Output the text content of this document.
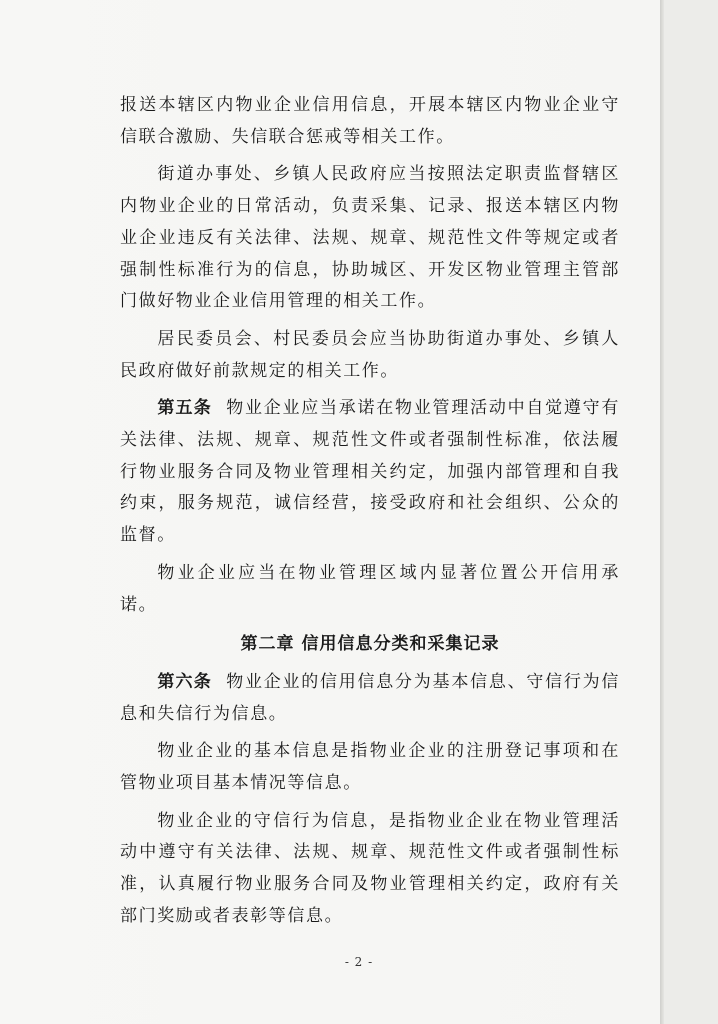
报送本辖区内物业企业信用信息，开展本辖区内物业企业守信联合激励、失信联合惩戒等相关工作。

街道办事处、乡镇人民政府应当按照法定职责监督辖区内物业企业的日常活动，负责采集、记录、报送本辖区内物业企业违反有关法律、法规、规章、规范性文件等规定或者强制性标准行为的信息，协助城区、开发区物业管理主管部门做好物业企业信用管理的相关工作。

居民委员会、村民委员会应当协助街道办事处、乡镇人民政府做好前款规定的相关工作。

第五条 物业企业应当承诺在物业管理活动中自觉遵守有关法律、法规、规章、规范性文件或者强制性标准，依法履行物业服务合同及物业管理相关约定，加强内部管理和自我约束，服务规范，诚信经营，接受政府和社会组织、公众的监督。

物业企业应当在物业管理区域内显著位置公开信用承诺。

第二章 信用信息分类和采集记录

第六条 物业企业的信用信息分为基本信息、守信行为信息和失信行为信息。

物业企业的基本信息是指物业企业的注册登记事项和在管物业项目基本情况等信息。

物业企业的守信行为信息，是指物业企业在物业管理活动中遵守有关法律、法规、规章、规范性文件或者强制性标准，认真履行物业服务合同及物业管理相关约定，政府有关部门奖励或者表彰等信息。

- 2 -
